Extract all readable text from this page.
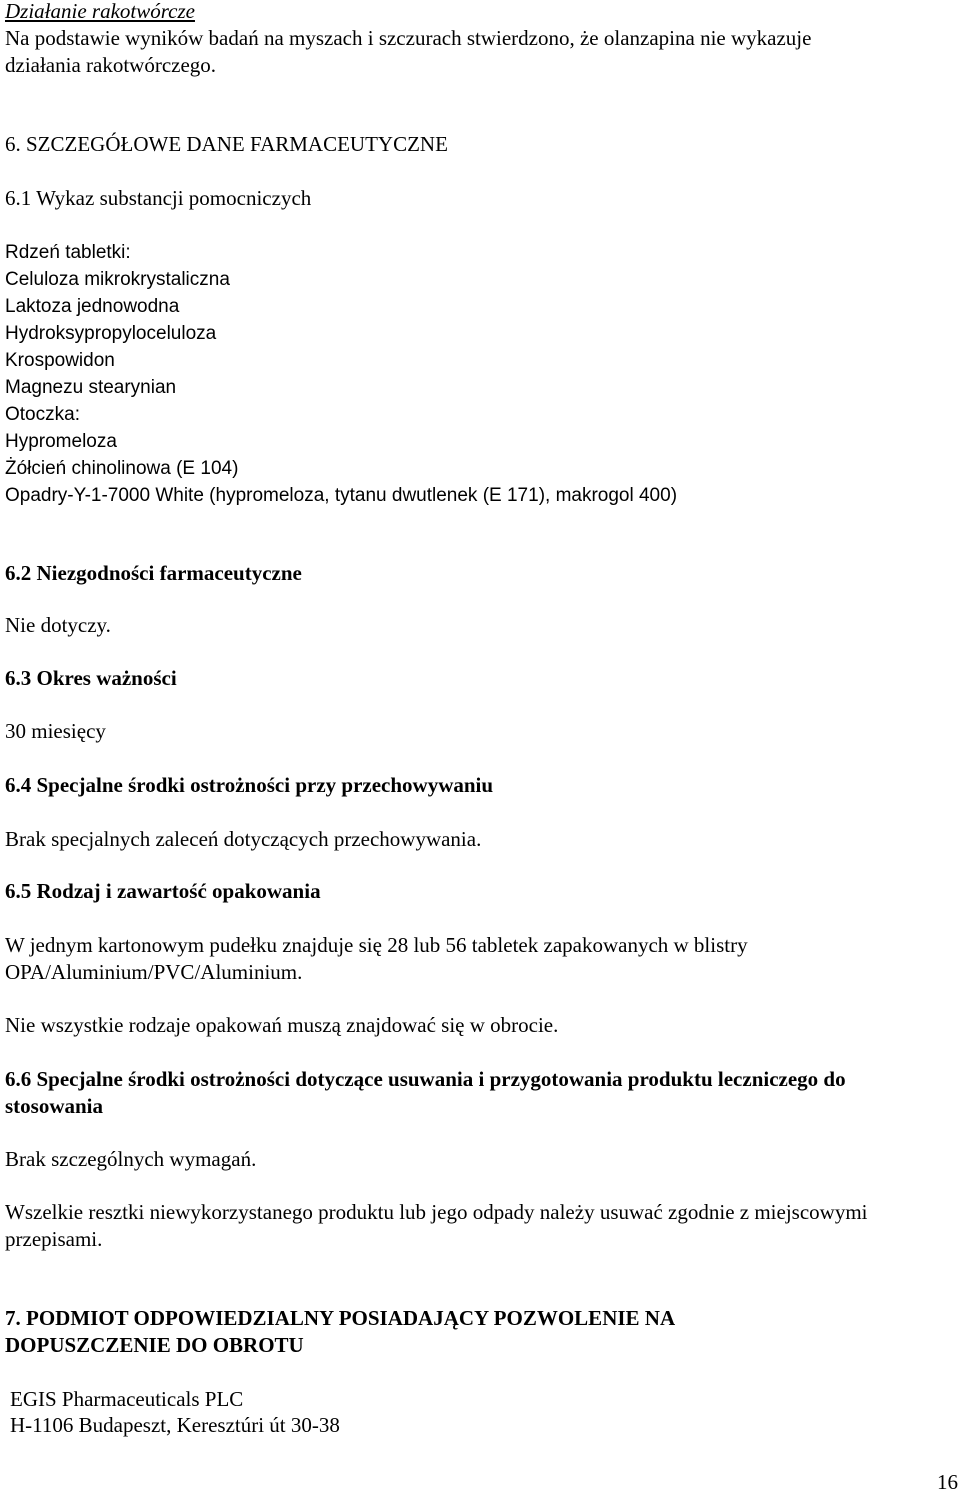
Działanie rakotwórcze

Na podstawie wyników badań na myszach i szczurach stwierdzono, że olanzapina nie wykazuje

działania rakotwórczego.

6. SZCZEGÓŁOWE DANE FARMACEUTYCZNE

6.1 Wykaz substancji pomocniczych

Rdzeń tabletki:

Celuloza mikrokrystaliczna

Laktoza jednowodna

Hydroksypropyloceluloza

Krospowidon

Magnezu stearynian

Otoczka:

Hypromeloza

Żółcień chinolinowa (E 104)

Opadry-Y-1-7000 White (hypromeloza, tytanu dwutlenek (E 171), makrogol 400)

6.2 Niezgodności farmaceutyczne

Nie dotyczy.

6.3 Okres ważności

30 miesięcy

6.4 Specjalne środki ostrożności przy przechowywaniu

Brak specjalnych zaleceń dotyczących przechowywania.

6.5 Rodzaj i zawartość opakowania

W jednym kartonowym pudełku znajduje się 28 lub 56 tabletek zapakowanych w blistry

OPA/Aluminium/PVC/Aluminium.

Nie wszystkie rodzaje opakowań muszą znajdować się w obrocie.

6.6 Specjalne środki ostrożności dotyczące usuwania i przygotowania produktu leczniczego do

stosowania

Brak szczególnych wymagań.

Wszelkie resztki niewykorzystanego produktu lub jego odpady należy usuwać zgodnie z miejscowymi

przepisami.

7. PODMIOT ODPOWIEDZIALNY POSIADAJĄCY POZWOLENIE NA

DOPUSZCZENIE DO OBROTU

EGIS Pharmaceuticals PLC

H-1106 Budapeszt, Keresztúri út 30-38

16
